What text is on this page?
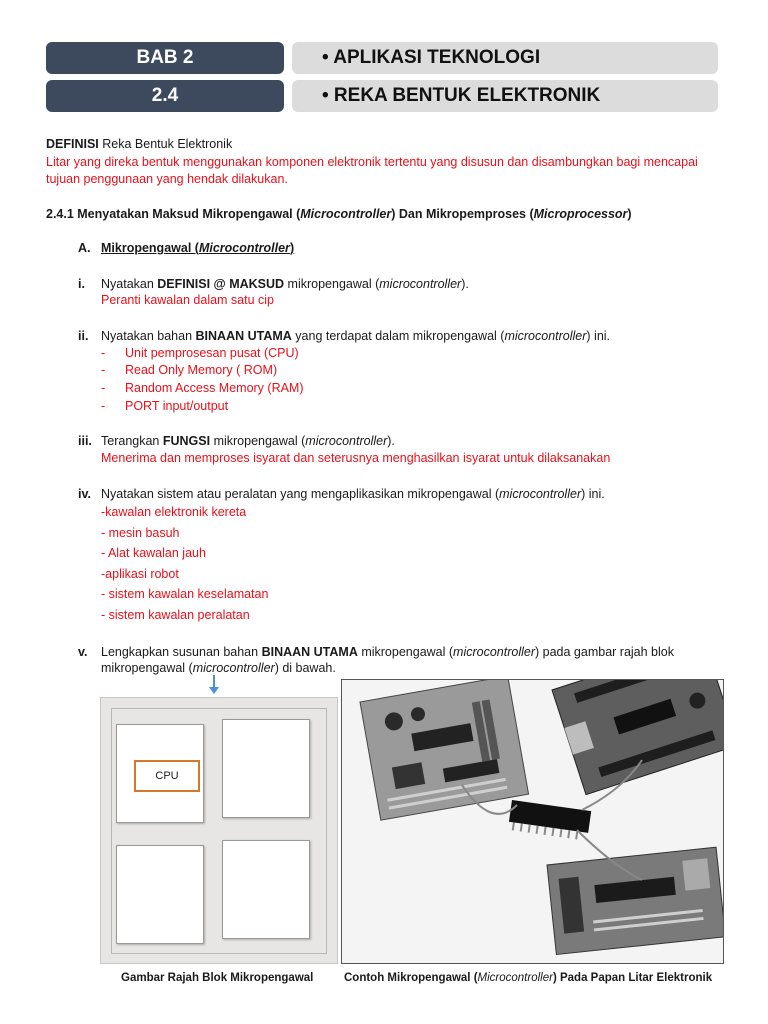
BAB 2	• APLIKASI TEKNOLOGI
2.4	• REKA BENTUK ELEKTRONIK
DEFINISI Reka Bentuk Elektronik
Litar yang direka bentuk menggunakan komponen elektronik tertentu yang disusun dan disambungkan bagi mencapai
tujuan penggunaan yang hendak dilakukan.
2.4.1 Menyatakan Maksud Mikropengawal (Microcontroller) Dan Mikropemproses (Microprocessor)
A. Mikropengawal (Microcontroller)
i. Nyatakan DEFINISI @ MAKSUD mikropengawal (microcontroller).
Peranti kawalan dalam satu cip
ii. Nyatakan bahan BINAAN UTAMA yang terdapat dalam mikropengawal (microcontroller) ini.
- Unit pemprosesan pusat (CPU)
- Read Only Memory ( ROM)
- Random Access Memory (RAM)
- PORT input/output
iii. Terangkan FUNGSI mikropengawal (microcontroller).
Menerima dan memproses isyarat dan seterusnya menghasilkan isyarat untuk dilaksanakan
iv. Nyatakan sistem atau peralatan yang mengaplikasikan mikropengawal (microcontroller) ini.
-kawalan elektronik kereta
- mesin basuh
- Alat kawalan jauh
-aplikasi robot
- sistem kawalan keselamatan
- sistem kawalan peralatan
v. Lengkapkan susunan bahan BINAAN UTAMA mikropengawal (microcontroller) pada gambar rajah blok
mikropengawal (microcontroller) di bawah.
CPU
Gambar Rajah Blok Mikropengawal	Contoh Mikropengawal (Microcontroller) Pada Papan Litar Elektronik
